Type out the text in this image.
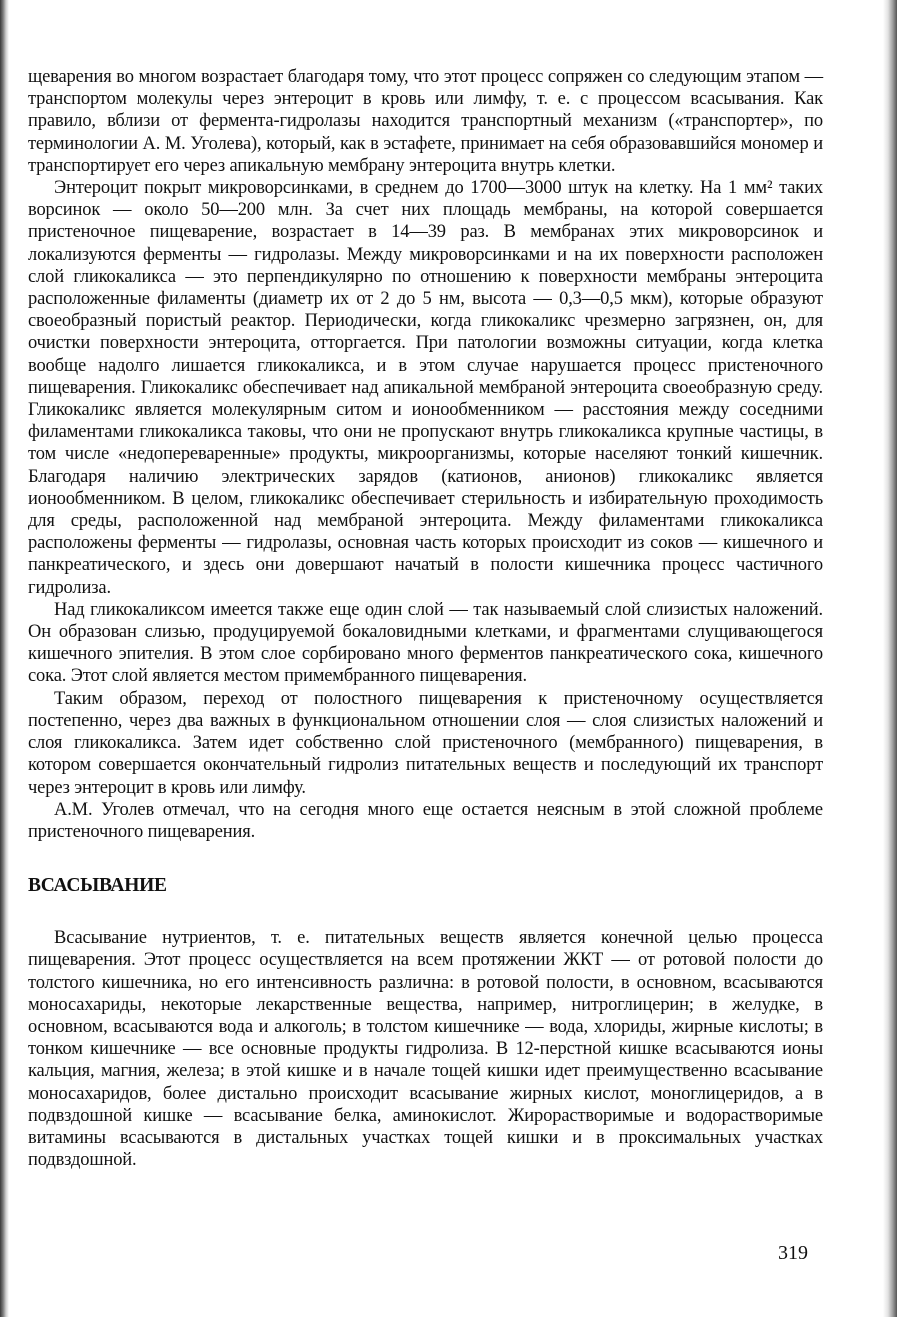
щеварения во многом возрастает благодаря тому, что этот процесс сопряжен со следующим этапом — транспортом молекулы через энтероцит в кровь или лимфу, т. е. с процессом всасывания. Как правило, вблизи от фермента-гидролазы находится транспортный механизм («транспортер», по терминологии А. М. Уголева), который, как в эстафете, принимает на себя образовавшийся мономер и транспортирует его через апикальную мембрану энтероцита внутрь клетки.

Энтероцит покрыт микроворсинками, в среднем до 1700—3000 штук на клетку. На 1 мм² таких ворсинок — около 50—200 млн. За счет них площадь мембраны, на которой совершается пристеночное пищеварение, возрастает в 14—39 раз. В мембранах этих микроворсинок и локализуются ферменты — гидролазы. Между микроворсинками и на их поверхности расположен слой гликокаликса — это перпендикулярно по отношению к поверхности мембраны энтероцита расположенные филаменты (диаметр их от 2 до 5 нм, высота — 0,3—0,5 мкм), которые образуют своеобразный пористый реактор. Периодически, когда гликокаликс чрезмерно загрязнен, он, для очистки поверхности энтероцита, отторгается. При патологии возможны ситуации, когда клетка вообще надолго лишается гликокаликса, и в этом случае нарушается процесс пристеночного пищеварения. Гликокаликс обеспечивает над апикальной мембраной энтероцита своеобразную среду. Гликокаликс является молекулярным ситом и ионообменником — расстояния между соседними филаментами гликокаликса таковы, что они не пропускают внутрь гликокаликса крупные частицы, в том числе «недопереваренные» продукты, микроорганизмы, которые населяют тонкий кишечник. Благодаря наличию электрических зарядов (катионов, анионов) гликокаликс является ионообменником. В целом, гликокаликс обеспечивает стерильность и избирательную проходимость для среды, расположенной над мембраной энтероцита. Между филаментами гликокаликса расположены ферменты — гидролазы, основная часть которых происходит из соков — кишечного и панкреатического, и здесь они довершают начатый в полости кишечника процесс частичного гидролиза.

Над гликокаликсом имеется также еще один слой — так называемый слой слизистых наложений. Он образован слизью, продуцируемой бокаловидными клетками, и фрагментами слущивающегося кишечного эпителия. В этом слое сорбировано много ферментов панкреатического сока, кишечного сока. Этот слой является местом примембранного пищеварения.

Таким образом, переход от полостного пищеварения к пристеночному осуществляется постепенно, через два важных в функциональном отношении слоя — слоя слизистых наложений и слоя гликокаликса. Затем идет собственно слой пристеночного (мембранного) пищеварения, в котором совершается окончательный гидролиз питательных веществ и последующий их транспорт через энтероцит в кровь или лимфу.

А.М. Уголев отмечал, что на сегодня много еще остается неясным в этой сложной проблеме пристеночного пищеварения.

ВСАСЫВАНИЕ

Всасывание нутриентов, т. е. питательных веществ является конечной целью процесса пищеварения. Этот процесс осуществляется на всем протяжении ЖКТ — от ротовой полости до толстого кишечника, но его интенсивность различна: в ротовой полости, в основном, всасываются моносахариды, некоторые лекарственные вещества, например, нитроглицерин; в желудке, в основном, всасываются вода и алкоголь; в толстом кишечнике — вода, хлориды, жирные кислоты; в тонком кишечнике — все основные продукты гидролиза. В 12-перстной кишке всасываются ионы кальция, магния, железа; в этой кишке и в начале тощей кишки идет преимущественно всасывание моносахаридов, более дистально происходит всасывание жирных кислот, моноглицеридов, а в подвздошной кишке — всасывание белка, аминокислот. Жирорастворимые и водорастворимые витамины всасываются в дистальных участках тощей кишки и в проксимальных участках подвздошной.

319
